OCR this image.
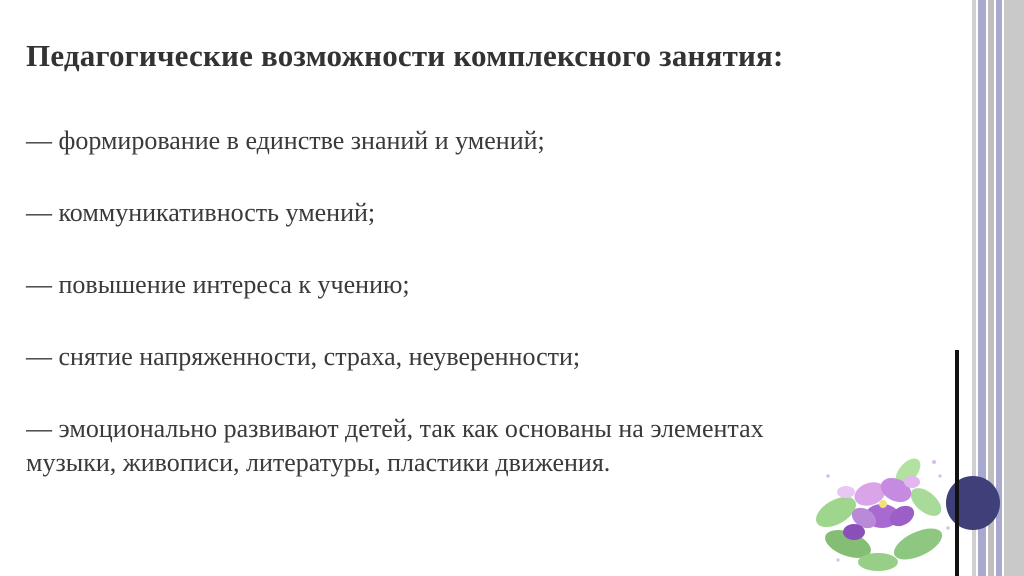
Педагогические возможности комплексного занятия:
— формирование в единстве знаний и умений;
— коммуникативность умений;
— повышение интереса к учению;
— снятие напряженности, страха, неуверенности;
— эмоционально развивают детей, так как основаны на элементах музыки, живописи, литературы, пластики движения.
